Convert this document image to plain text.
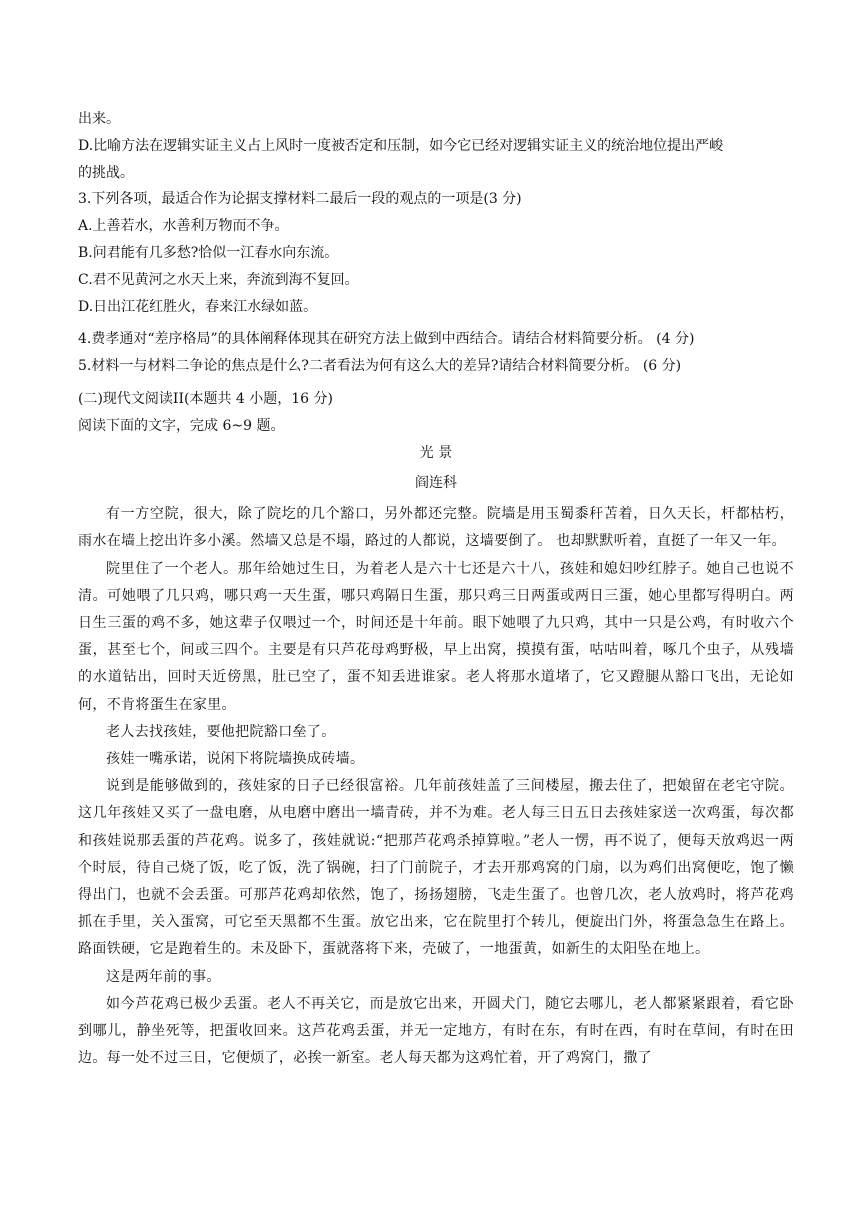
出来。

D.比喻方法在逻辑实证主义占上风时一度被否定和压制，如今它已经对逻辑实证主义的统治地位提出严峻

的挑战。

3.下列各项，最适合作为论据支撑材料二最后一段的观点的一项是(3 分)

A.上善若水，水善利万物而不争。

B.问君能有几多愁?恰似一江春水向东流。

C.君不见黄河之水天上来，奔流到海不复回。

D.日出江花红胜火，春来江水绿如蓝。

4.费孝通对“差序格局”的具体阐释体现其在研究方法上做到中西结合。请结合材料简要分析。 (4 分)

5.材料一与材料二争论的焦点是什么?二者看法为何有这么大的差异?请结合材料简要分析。 (6 分)

(二)现代文阅读II(本题共 4 小题，16 分)

阅读下面的文字，完成 6~9 题。

光 景

阎连科

有一方空院，很大，除了院圪的几个豁口，另外都还完整。院墙是用玉蜀黍秆苫着，日久天长，杆都枯朽，雨水在墙上挖出许多小溪。然墙又总是不塌，路过的人都说，这墙要倒了。 也却默默听着，直挺了一年又一年。

院里住了一个老人。那年给她过生日，为着老人是六十七还是六十八，孩娃和媳妇吵红脖子。她自己也说不清。可她喂了几只鸡，哪只鸡一天生蛋，哪只鸡隔日生蛋，那只鸡三日两蛋或两日三蛋，她心里都写得明白。两日生三蛋的鸡不多，她这辈子仅喂过一个，时间还是十年前。眼下她喂了九只鸡，其中一只是公鸡，有时收六个蛋，甚至七个，间或三四个。主要是有只芦花母鸡野极，早上出窝，摸摸有蛋，咕咕叫着，啄几个虫子，从残墙的水道钻出，回时天近傍黑，肚已空了，蛋不知丢进谁家。老人将那水道堵了，它又蹬腿从豁口飞出，无论如何，不肯将蛋生在家里。

老人去找孩娃，要他把院豁口垒了。

孩娃一嘴承诺，说闲下将院墙换成砖墙。

说到是能够做到的，孩娃家的日子已经很富裕。几年前孩娃盖了三间楼屋，搬去住了，把娘留在老宅守院。这几年孩娃又买了一盘电磨，从电磨中磨出一墙青砖，并不为难。老人每三日五日去孩娃家送一次鸡蛋，每次都和孩娃说那丢蛋的芦花鸡。说多了，孩娃就说:“把那芦花鸡杀掉算啦。”老人一愣，再不说了，便每天放鸡迟一两个时辰，待自己烧了饭，吃了饭，洗了锅碗，扫了门前院子，才去开那鸡窝的门扇，以为鸡们出窝便吃，饱了懒得出门，也就不会丢蛋。可那芦花鸡却依然，饱了，扬扬翅膀，飞走生蛋了。也曾几次，老人放鸡时，将芦花鸡抓在手里，关入蛋窝，可它至天黑都不生蛋。放它出来，它在院里打个转儿，便旋出门外，将蛋急急生在路上。路面铁硬，它是跑着生的。未及卧下，蛋就落将下来，壳破了，一地蛋黄，如新生的太阳坠在地上。

这是两年前的事。

如今芦花鸡已极少丢蛋。老人不再关它，而是放它出来，开圆犬门，随它去哪儿，老人都紧紧跟着，看它卧到哪儿，静坐死等，把蛋收回来。这芦花鸡丢蛋，并无一定地方，有时在东，有时在西，有时在草间，有时在田边。每一处不过三日，它便烦了，必挨一新室。老人每天都为这鸡忙着，开了鸡窝门，撒了
